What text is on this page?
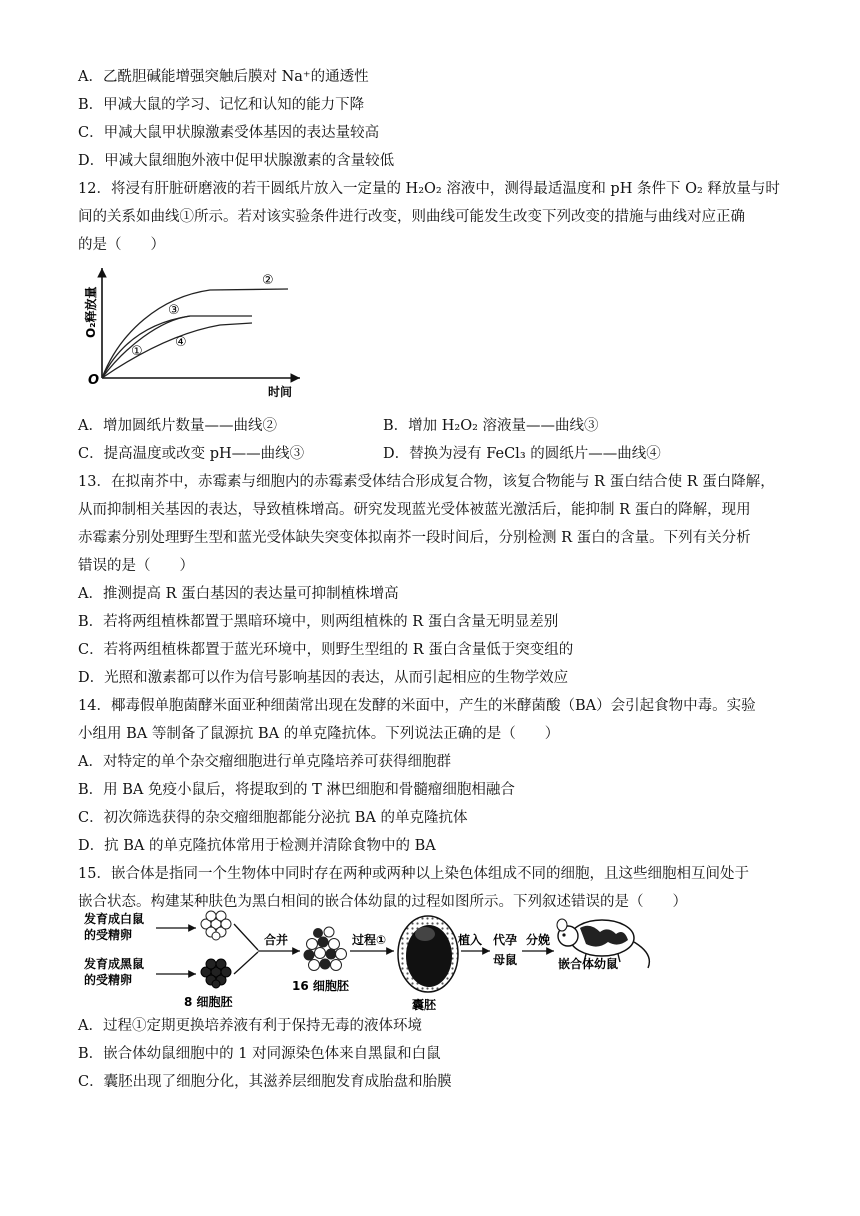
A．乙酰胆碱能增强突触后膜对 Na⁺的通透性
B．甲减大鼠的学习、记忆和认知的能力下降
C．甲减大鼠甲状腺激素受体基因的表达量较高
D．甲减大鼠细胞外液中促甲状腺激素的含量较低
12．将浸有肝脏研磨液的若干圆纸片放入一定量的 H₂O₂ 溶液中，测得最适温度和 pH 条件下 O₂ 释放量与时
间的关系如曲线①所示。若对该实验条件进行改变，则曲线可能发生改变下列改变的措施与曲线对应正确
的是（　　）
O₂释放量
时间
O
①
②
③
④
A．增加圆纸片数量——曲线②	B．增加 H₂O₂ 溶液量——曲线③
C．提高温度或改变 pH——曲线③	D．替换为浸有 FeCl₃ 的圆纸片——曲线④
13．在拟南芥中，赤霉素与细胞内的赤霉素受体结合形成复合物，该复合物能与 R 蛋白结合使 R 蛋白降解，
从而抑制相关基因的表达，导致植株增高。研究发现蓝光受体被蓝光激活后，能抑制 R 蛋白的降解，现用
赤霉素分别处理野生型和蓝光受体缺失突变体拟南芥一段时间后，分别检测 R 蛋白的含量。下列有关分析
错误的是（　　）
A．推测提高 R 蛋白基因的表达量可抑制植株增高
B．若将两组植株都置于黑暗环境中，则两组植株的 R 蛋白含量无明显差别
C．若将两组植株都置于蓝光环境中，则野生型组的 R 蛋白含量低于突变组的
D．光照和激素都可以作为信号影响基因的表达，从而引起相应的生物学效应
14．椰毒假单胞菌酵米面亚种细菌常出现在发酵的米面中，产生的米酵菌酸（BA）会引起食物中毒。实验
小组用 BA 等制备了鼠源抗 BA 的单克隆抗体。下列说法正确的是（　　）
A．对特定的单个杂交瘤细胞进行单克隆培养可获得细胞群
B．用 BA 免疫小鼠后，将提取到的 T 淋巴细胞和骨髓瘤细胞相融合
C．初次筛选获得的杂交瘤细胞都能分泌抗 BA 的单克隆抗体
D．抗 BA 的单克隆抗体常用于检测并清除食物中的 BA
15．嵌合体是指同一个生物体中同时存在两种或两种以上染色体组成不同的细胞，且这些细胞相互间处于
嵌合状态。构建某种肤色为黑白相间的嵌合体幼鼠的过程如图所示。下列叙述错误的是（　　）
发育成白鼠
的受精卵
发育成黑鼠
的受精卵
8 细胞胚
合并
16 细胞胚
过程①
囊胚
植入 代孕
母鼠
分娩
嵌合体幼鼠
A．过程①定期更换培养液有利于保持无毒的液体环境
B．嵌合体幼鼠细胞中的 1 对同源染色体来自黑鼠和白鼠
C．囊胚出现了细胞分化，其滋养层细胞发育成胎盘和胎膜
